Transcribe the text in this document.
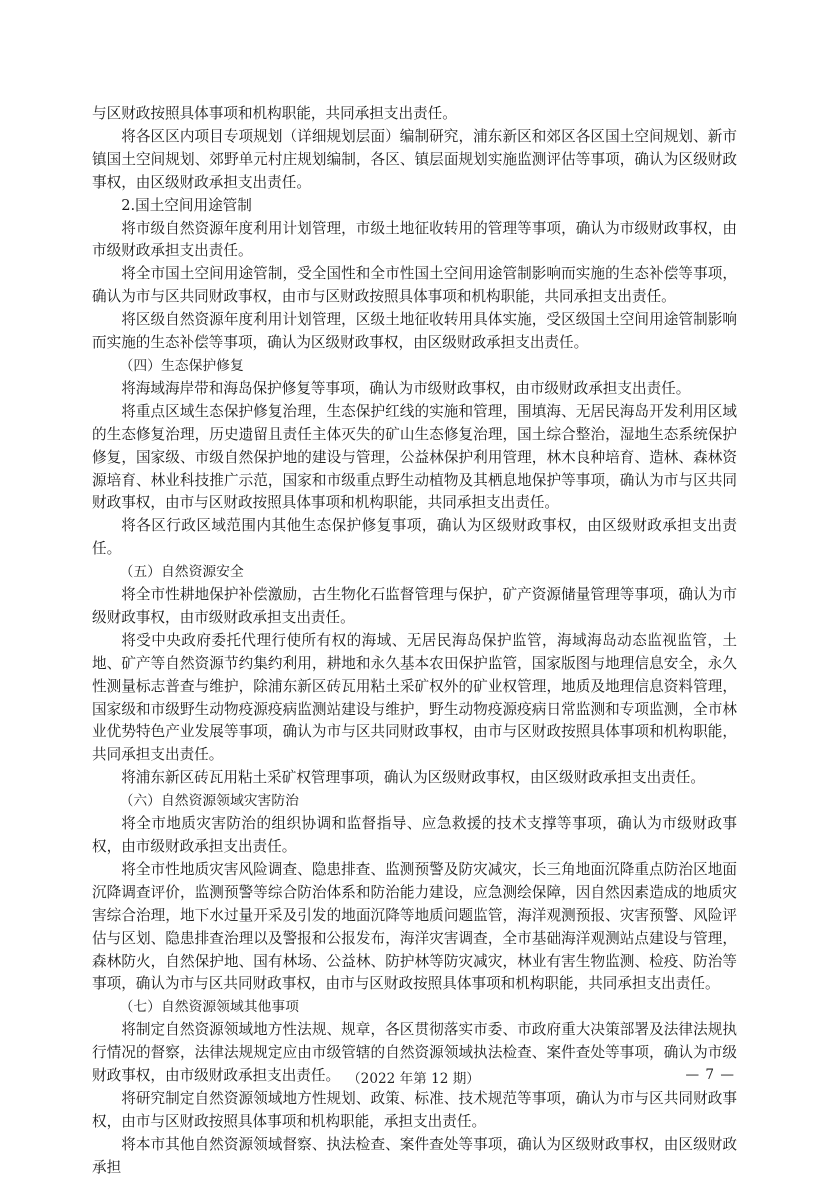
与区财政按照具体事项和机构职能，共同承担支出责任。

将各区区内项目专项规划（详细规划层面）编制研究，浦东新区和郊区各区国土空间规划、新市镇国土空间规划、郊野单元村庄规划编制，各区、镇层面规划实施监测评估等事项，确认为区级财政事权，由区级财政承担支出责任。

2.国土空间用途管制

将市级自然资源年度利用计划管理，市级土地征收转用的管理等事项，确认为市级财政事权，由市级财政承担支出责任。

将全市国土空间用途管制，受全国性和全市性国土空间用途管制影响而实施的生态补偿等事项，确认为市与区共同财政事权，由市与区财政按照具体事项和机构职能，共同承担支出责任。

将区级自然资源年度利用计划管理，区级土地征收转用具体实施，受区级国土空间用途管制影响而实施的生态补偿等事项，确认为区级财政事权，由区级财政承担支出责任。

（四）生态保护修复

将海域海岸带和海岛保护修复等事项，确认为市级财政事权，由市级财政承担支出责任。

将重点区域生态保护修复治理，生态保护红线的实施和管理，围填海、无居民海岛开发利用区域的生态修复治理，历史遗留且责任主体灭失的矿山生态修复治理，国土综合整治，湿地生态系统保护修复，国家级、市级自然保护地的建设与管理，公益林保护利用管理，林木良种培育、造林、森林资源培育、林业科技推广示范，国家和市级重点野生动植物及其栖息地保护等事项，确认为市与区共同财政事权，由市与区财政按照具体事项和机构职能，共同承担支出责任。

将各区行政区域范围内其他生态保护修复事项，确认为区级财政事权，由区级财政承担支出责任。

（五）自然资源安全

将全市性耕地保护补偿激励，古生物化石监督管理与保护，矿产资源储量管理等事项，确认为市级财政事权，由市级财政承担支出责任。

将受中央政府委托代理行使所有权的海域、无居民海岛保护监管，海域海岛动态监视监管，土地、矿产等自然资源节约集约利用，耕地和永久基本农田保护监管，国家版图与地理信息安全，永久性测量标志普查与维护，除浦东新区砖瓦用粘土采矿权外的矿业权管理，地质及地理信息资料管理，国家级和市级野生动物疫源疫病监测站建设与维护，野生动物疫源疫病日常监测和专项监测，全市林业优势特色产业发展等事项，确认为市与区共同财政事权，由市与区财政按照具体事项和机构职能，共同承担支出责任。

将浦东新区砖瓦用粘土采矿权管理事项，确认为区级财政事权，由区级财政承担支出责任。

（六）自然资源领域灾害防治

将全市地质灾害防治的组织协调和监督指导、应急救援的技术支撑等事项，确认为市级财政事权，由市级财政承担支出责任。

将全市性地质灾害风险调查、隐患排查、监测预警及防灾减灾，长三角地面沉降重点防治区地面沉降调查评价，监测预警等综合防治体系和防治能力建设，应急测绘保障，因自然因素造成的地质灾害综合治理，地下水过量开采及引发的地面沉降等地质问题监管，海洋观测预报、灾害预警、风险评估与区划、隐患排查治理以及警报和公报发布，海洋灾害调查，全市基础海洋观测站点建设与管理，森林防火，自然保护地、国有林场、公益林、防护林等防灾减灾，林业有害生物监测、检疫、防治等事项，确认为市与区共同财政事权，由市与区财政按照具体事项和机构职能，共同承担支出责任。

（七）自然资源领域其他事项

将制定自然资源领域地方性法规、规章，各区贯彻落实市委、市政府重大决策部署及法律法规执行情况的督察，法律法规规定应由市级管辖的自然资源领域执法检查、案件查处等事项，确认为市级财政事权，由市级财政承担支出责任。

将研究制定自然资源领域地方性规划、政策、标准、技术规范等事项，确认为市与区共同财政事权，由市与区财政按照具体事项和机构职能，承担支出责任。

将本市其他自然资源领域督察、执法检查、案件查处等事项，确认为区级财政事权，由区级财政承担

（2022 年第 12 期）	— 7 —
